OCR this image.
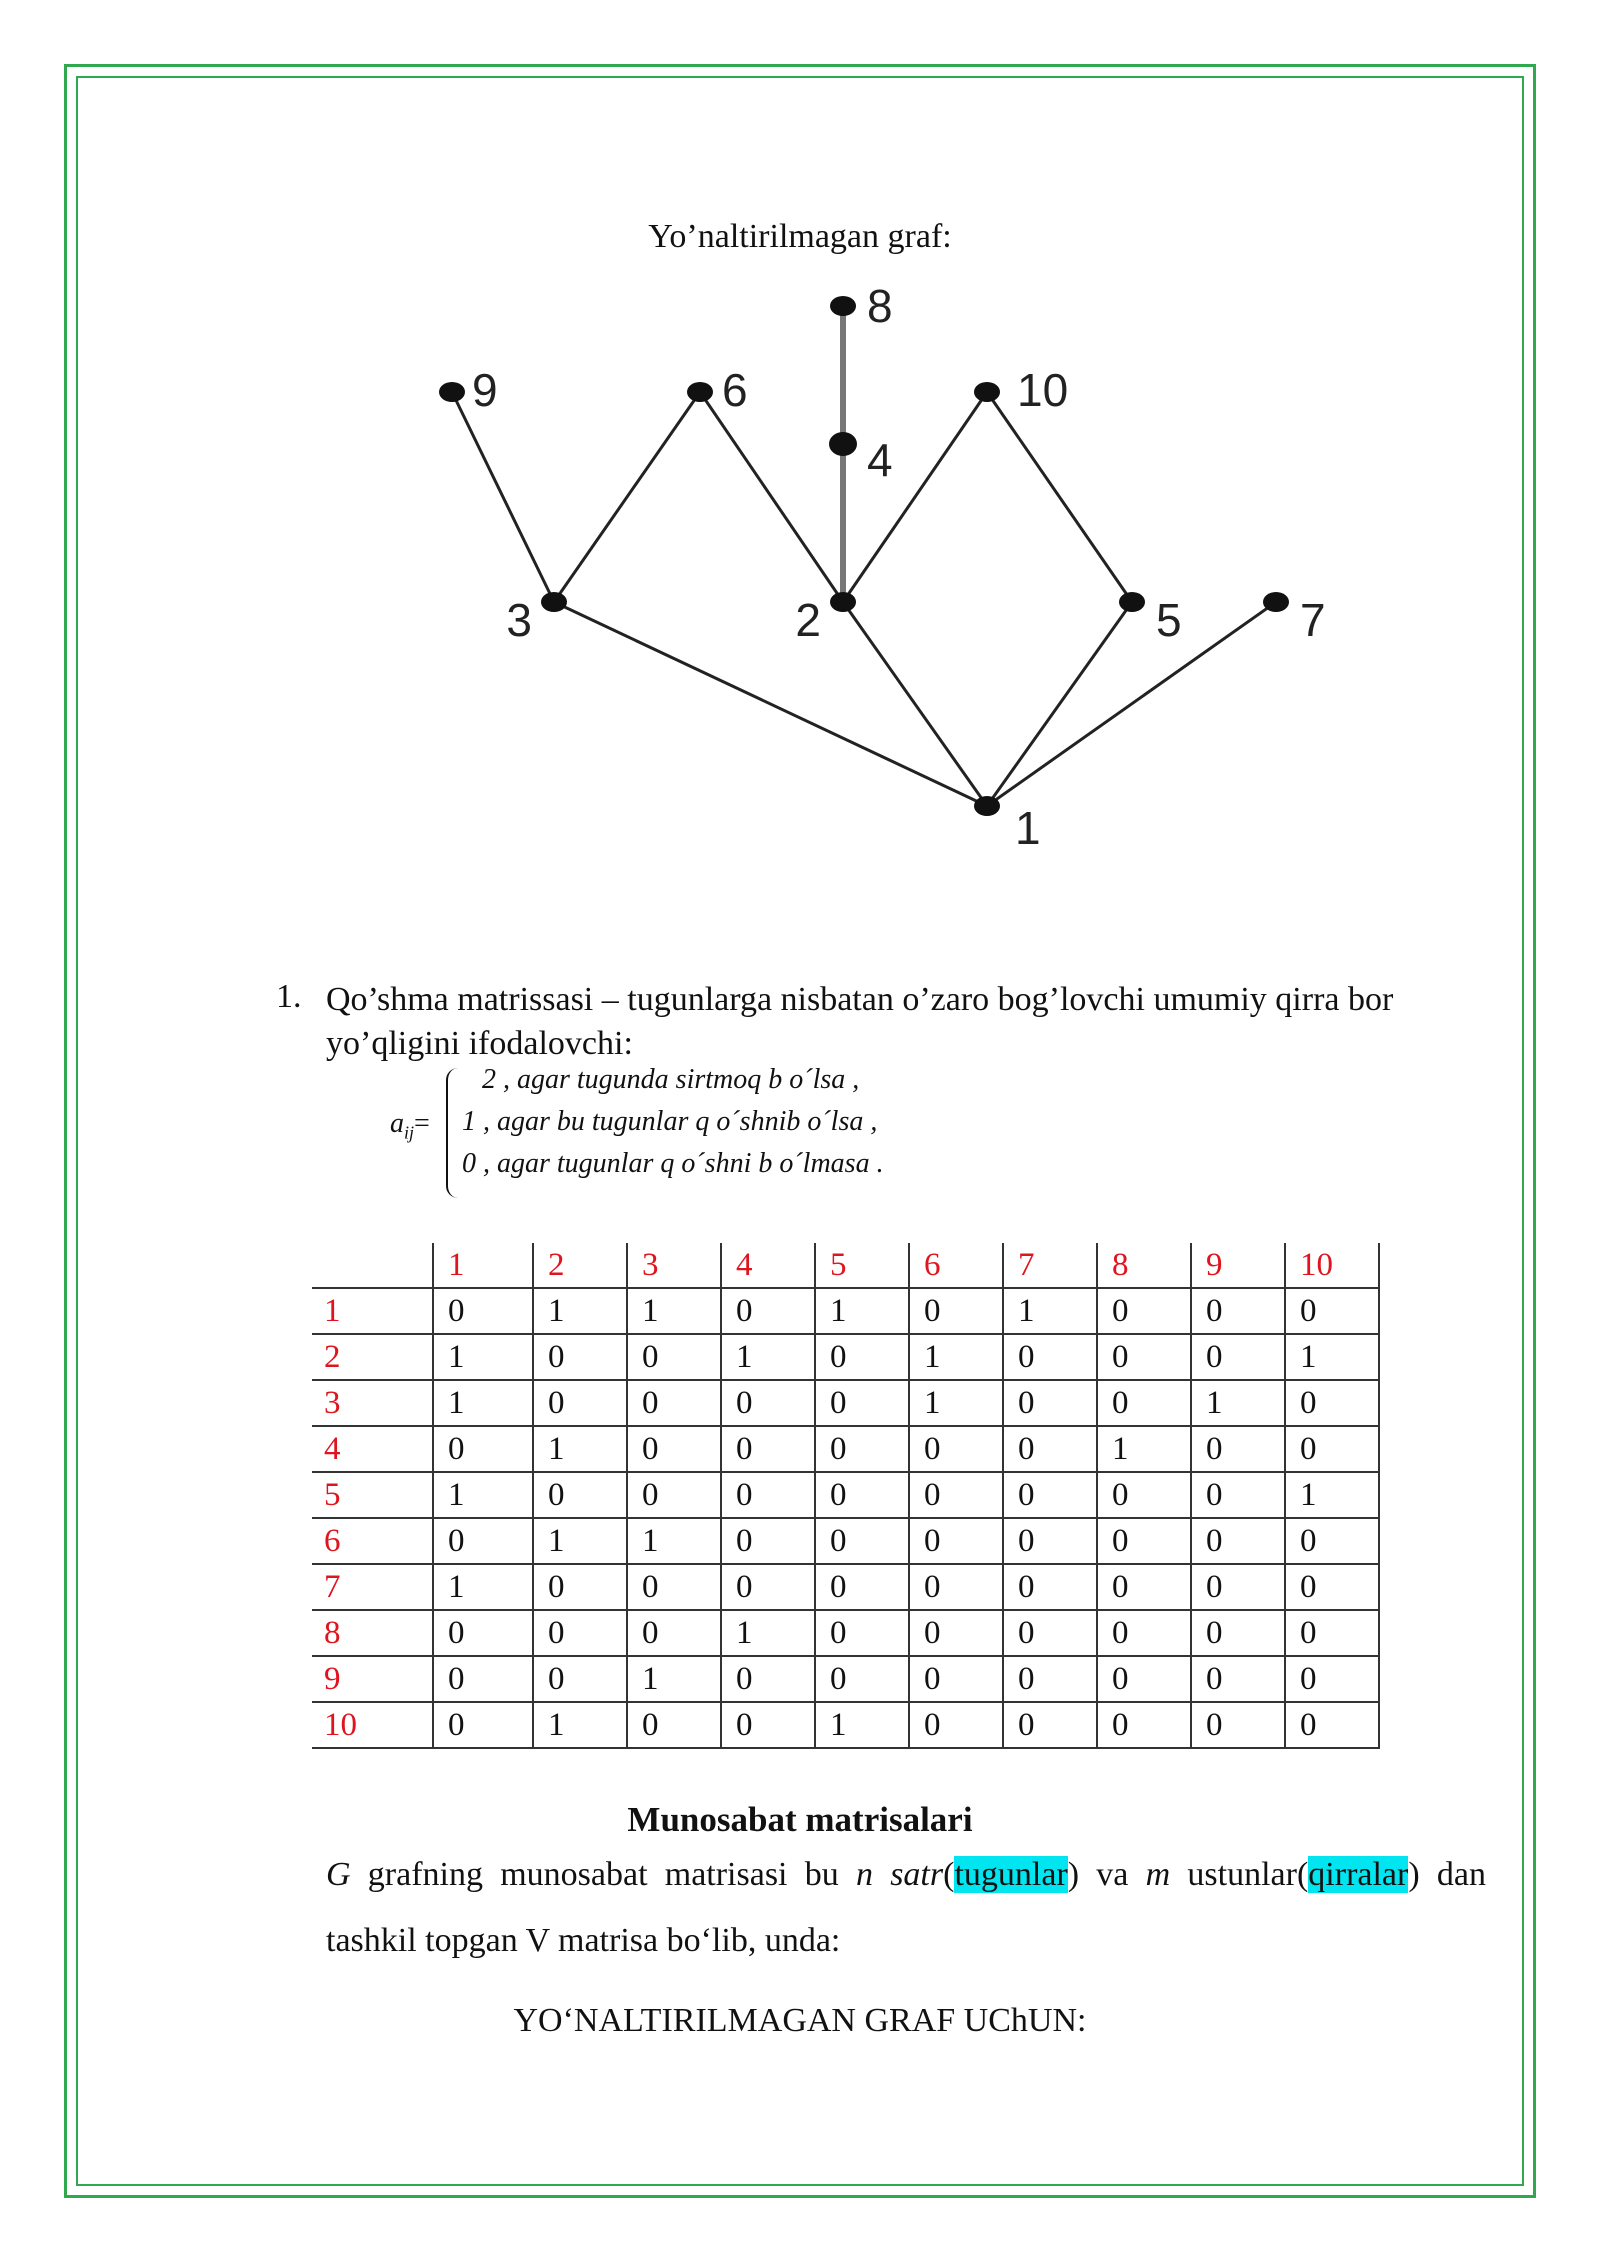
Yo’naltirilmagan graf:
1
2
3
4
5
6
7
8
9	10
1. Qo’shma matrissasi – tugunlarga nisbatan o’zaro bog’lovchi umumiy qirra bor yo’qligini ifodalovchi:
$a_{ij}=$
2 , agar tugunda sirtmoq b o´lsa ,
1 , agar bu tugunlar q o´shnib o´lsa ,
0 , agar tugunlar q o´shni b o´lmasa .
	1	2	3	4	5	6	7	8	9	10
1	0	1	1	0	1	0	1	0	0	0
2	1	0	0	1	0	1	0	0	0	1
3	1	0	0	0	0	1	0	0	1	0
4	0	1	0	0	0	0	0	1	0	0
5	1	0	0	0	0	0	0	0	0	1
6	0	1	1	0	0	0	0	0	0	0
7	1	0	0	0	0	0	0	0	0	0
8	0	0	0	1	0	0	0	0	0	0
9	0	0	1	0	0	0	0	0	0	0
10	0	1	0	0	1	0	0	0	0	0
Munosabat matrisalari
G grafning munosabat matrisasi bu n satr(tugunlar) va m ustunlar(qirralar) dan tashkil topgan V matrisa bo‘lib, unda:
YO‘NALTIRILMAGAN GRAF UChUN:
